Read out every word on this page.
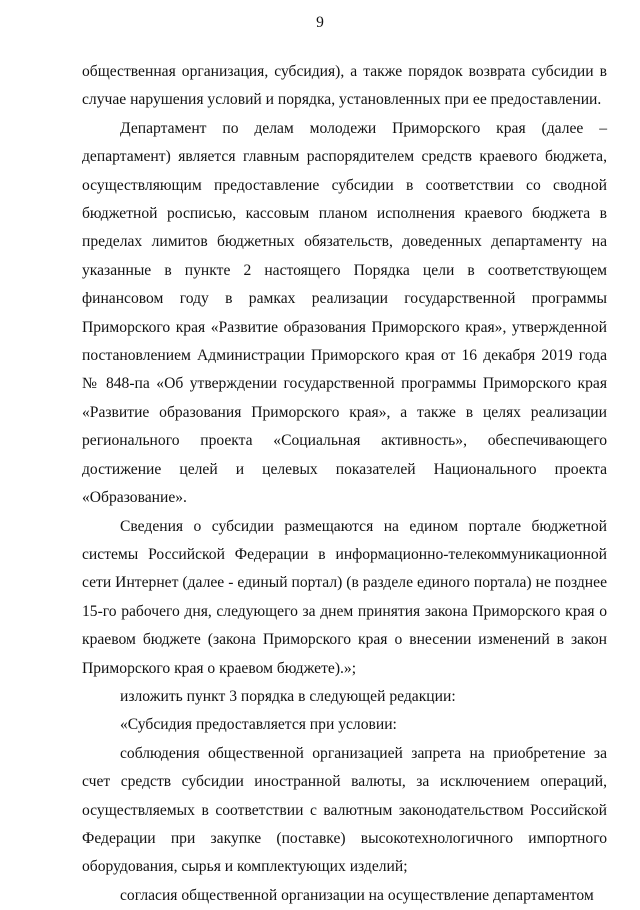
9

общественная организация, субсидия), а также порядок возврата субсидии в случае нарушения условий и порядка, установленных при ее предоставлении.

Департамент по делам молодежи Приморского края (далее – департамент) является главным распорядителем средств краевого бюджета, осуществляющим предоставление субсидии в соответствии со сводной бюджетной росписью, кассовым планом исполнения краевого бюджета в пределах лимитов бюджетных обязательств, доведенных департаменту на указанные в пункте 2 настоящего Порядка цели в соответствующем финансовом году в рамках реализации государственной программы Приморского края «Развитие образования Приморского края», утвержденной постановлением Администрации Приморского края от 16 декабря 2019 года № 848-па «Об утверждении государственной программы Приморского края «Развитие образования Приморского края», а также в целях реализации регионального проекта «Социальная активность», обеспечивающего достижение целей и целевых показателей Национального проекта «Образование».

Сведения о субсидии размещаются на едином портале бюджетной системы Российской Федерации в информационно-телекоммуникационной сети Интернет (далее - единый портал) (в разделе единого портала) не позднее 15-го рабочего дня, следующего за днем принятия закона Приморского края о краевом бюджете (закона Приморского края о внесении изменений в закон Приморского края о краевом бюджете).»;

изложить пункт 3 порядка в следующей редакции:

«Субсидия предоставляется при условии:

соблюдения общественной организацией запрета на приобретение за счет средств субсидии иностранной валюты, за исключением операций, осуществляемых в соответствии с валютным законодательством Российской Федерации при закупке (поставке) высокотехнологичного импортного оборудования, сырья и комплектующих изделий;

согласия общественной организации на осуществление департаментом
